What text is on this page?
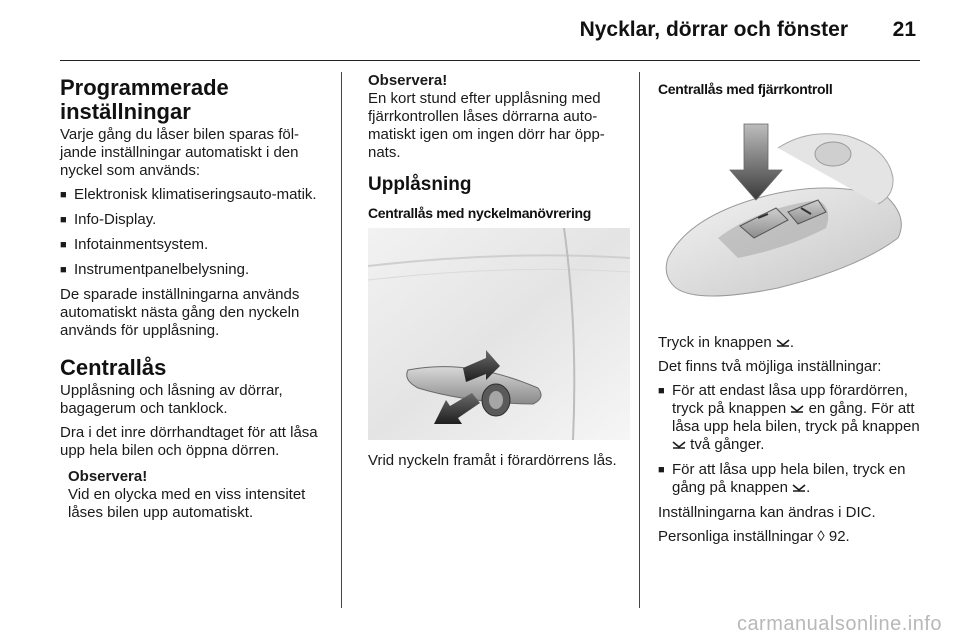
Nycklar, dörrar och fönster 21
Programmerade inställningar

Varje gång du låser bilen sparas föl-jande inställningar automatiskt i den nyckel som används:

■ Elektronisk klimatiseringsauto-matik.
■ Info-Display.
■ Infotainmentsystem.
■ Instrumentpanelbelysning.

De sparade inställningarna används automatiskt nästa gång den nyckeln används för upplåsning.

Centrallås

Upplåsning och låsning av dörrar, bagagerum och tanklock.

Dra i det inre dörrhandtaget för att låsa upp hela bilen och öppna dörren.

Observera!
Vid en olycka med en viss intensitet låses bilen upp automatiskt.
Observera!
En kort stund efter upplåsning med fjärrkontrollen låses dörrarna auto-matiskt igen om ingen dörr har öpp-nats.
Upplåsning
Centrallås med nyckelmanövrering

Vrid nyckeln framåt i förardörrens lås.

Centrallås med fjärrkontroll

Tryck in knappen .

Det finns två möjliga inställningar:

■ För att endast låsa upp förardörren, tryck på knappen en gång. För att låsa upp hela bilen, tryck på knappen  två gånger.
■ För att låsa upp hela bilen, tryck en gång på knappen .

Inställningarna kan ändras i DIC.

Personliga inställningar ◊ 92.

carmanualsonline.info
